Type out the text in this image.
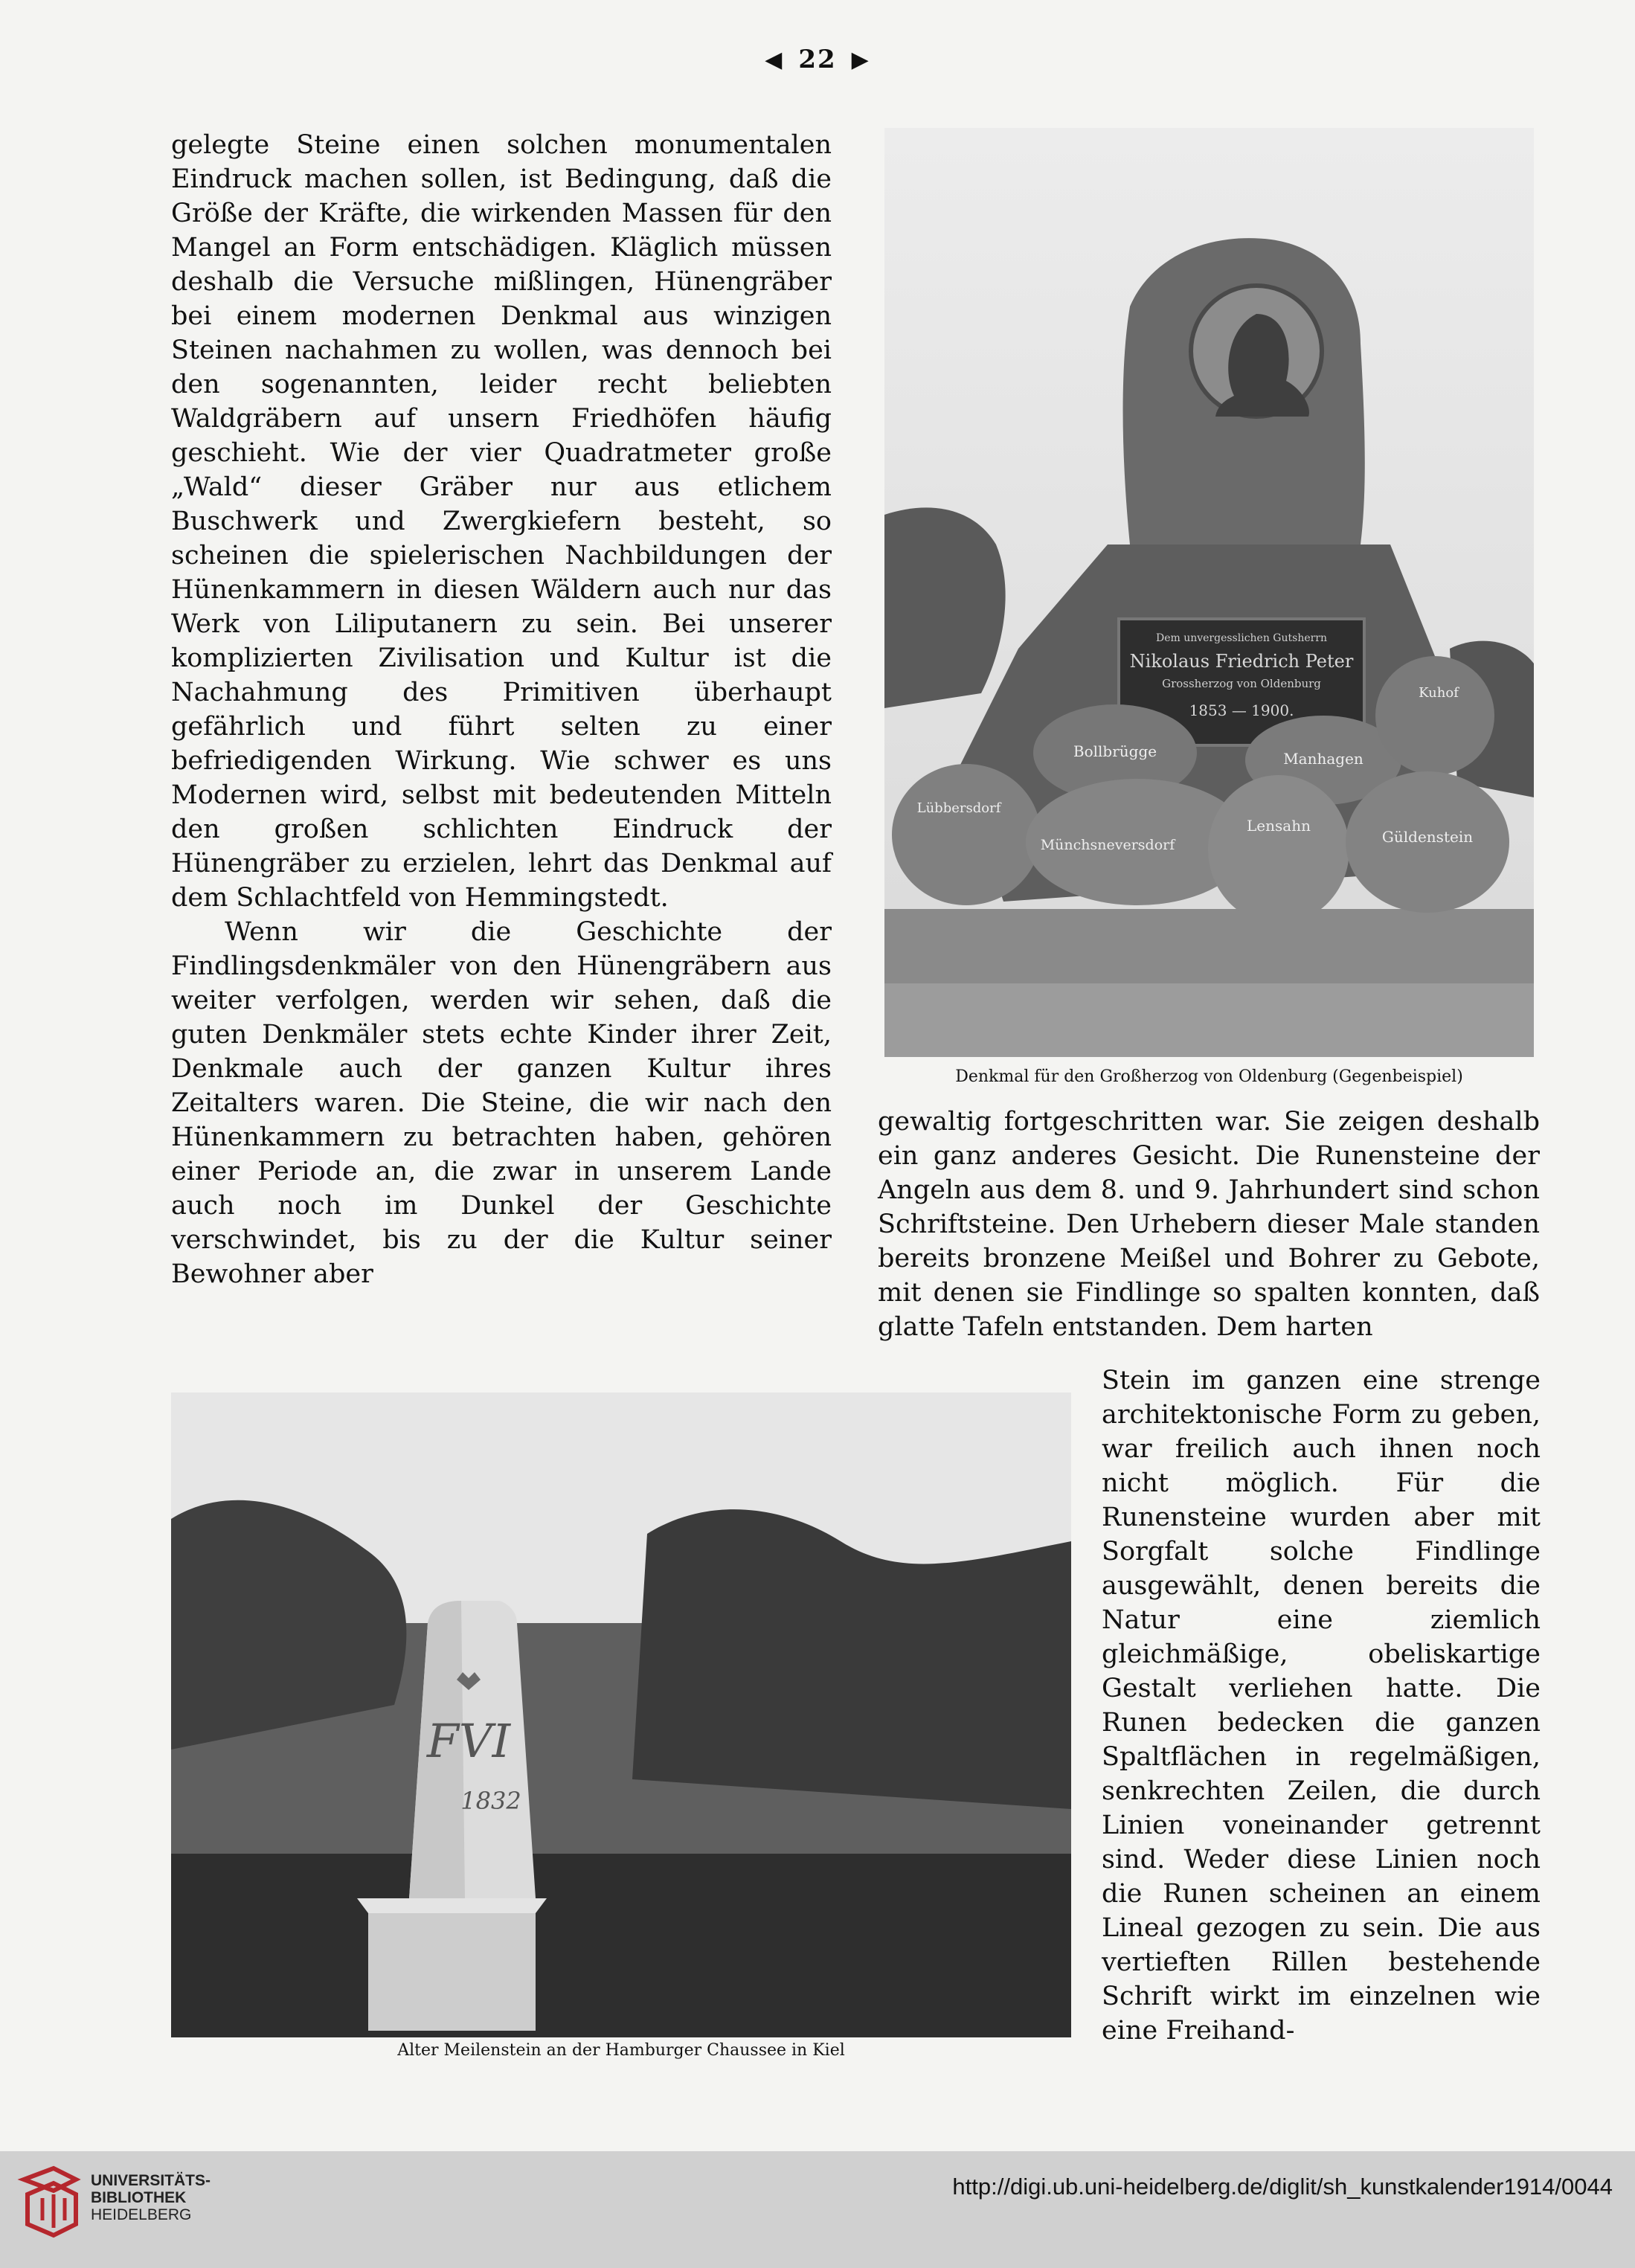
◀ 22 ▶

gelegte Steine einen solchen monumentalen Eindruck machen sollen, ist Bedingung, daß die Größe der Kräfte, die wirkenden Massen für den Mangel an Form entschädigen. Kläglich müssen deshalb die Versuche mißlingen, Hünengräber bei einem modernen Denkmal aus winzigen Steinen nachahmen zu wollen, was dennoch bei den sogenannten, leider recht beliebten Waldgräbern auf unsern Friedhöfen häufig geschieht. Wie der vier Quadratmeter große „Wald“ dieser Gräber nur aus etlichem Buschwerk und Zwergkiefern besteht, so scheinen die spielerischen Nachbildungen der Hünenkammern in diesen Wäldern auch nur das Werk von Liliputanern zu sein. Bei unserer komplizierten Zivilisation und Kultur ist die Nachahmung des Primitiven überhaupt gefährlich und führt selten zu einer befriedigenden Wirkung. Wie schwer es uns Modernen wird, selbst mit bedeutenden Mitteln den großen schlichten Eindruck der Hünengräber zu erzielen, lehrt das Denkmal auf dem Schlachtfeld von Hemmingstedt.

Wenn wir die Geschichte der Findlingsdenkmäler von den Hünengräbern aus weiter verfolgen, werden wir sehen, daß die guten Denkmäler stets echte Kinder ihrer Zeit, Denkmale auch der ganzen Kultur ihres Zeitalters waren. Die Steine, die wir nach den Hünenkammern zu betrachten haben, gehören einer Periode an, die zwar in unserem Lande auch noch im Dunkel der Geschichte verschwindet, bis zu der die Kultur seiner Bewohner aber

Dem unvergesslichen Gutsherrn
Nikolaus Friedrich Peter
Grossherzog von Oldenburg
1853 — 1900.
Bollbrügge	Manhagen
Kuhof
Lübbersdorf
Münchsneversdorf
Lensahn
Güldenstein
Denkmal für den Großherzog von Oldenburg (Gegenbeispiel)

gewaltig fortgeschritten war. Sie zeigen deshalb ein ganz anderes Gesicht. Die Runensteine der Angeln aus dem 8. und 9. Jahrhundert sind schon Schriftsteine. Den Urhebern dieser Male standen bereits bronzene Meißel und Bohrer zu Gebote, mit denen sie Findlinge so spalten konnten, daß glatte Tafeln entstanden. Dem harten

FVI
1832
Alter Meilenstein an der Hamburger Chaussee in Kiel

Stein im ganzen eine strenge architektonische Form zu geben, war freilich auch ihnen noch nicht möglich. Für die Runensteine wurden aber mit Sorgfalt solche Findlinge ausgewählt, denen bereits die Natur eine ziemlich gleichmäßige, obeliskartige Gestalt verliehen hatte. Die Runen bedecken die ganzen Spaltflächen in regelmäßigen, senkrechten Zeilen, die durch Linien voneinander getrennt sind. Weder diese Linien noch die Runen scheinen an einem Lineal gezogen zu sein. Die aus vertieften Rillen bestehende Schrift wirkt im einzelnen wie eine Freihand-

UNIVERSITÄTS-
BIBLIOTHEK
HEIDELBERG
http://digi.ub.uni-heidelberg.de/diglit/sh_kunstkalender1914/0044
